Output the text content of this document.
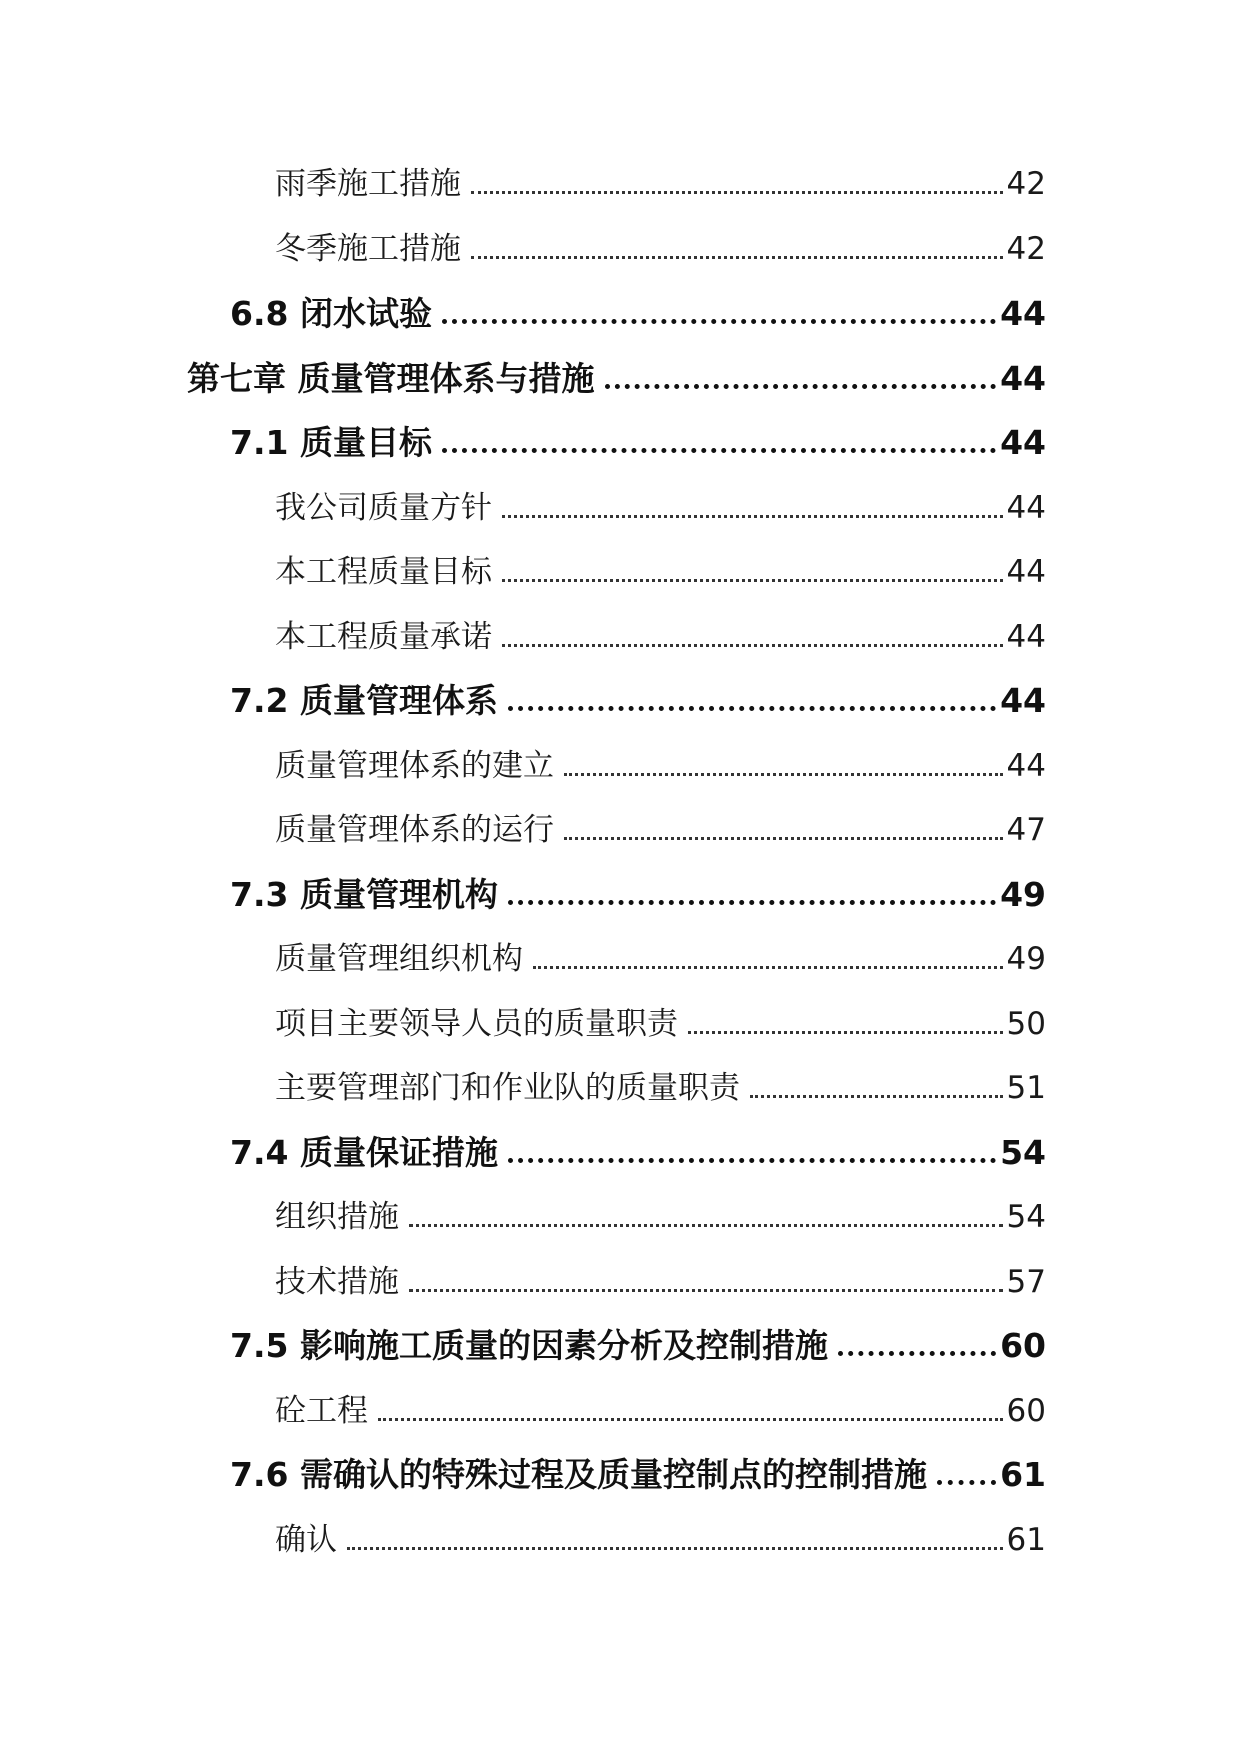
雨季施工措施	42
冬季施工措施	42
6.8 闭水试验	44
第七章 质量管理体系与措施	44
7.1 质量目标	44
我公司质量方针	44
本工程质量目标	44
本工程质量承诺	44
7.2 质量管理体系	44
质量管理体系的建立	44
质量管理体系的运行	47
7.3 质量管理机构	49
质量管理组织机构	49
项目主要领导人员的质量职责	50
主要管理部门和作业队的质量职责	51
7.4 质量保证措施	54
组织措施	54
技术措施	57
7.5 影响施工质量的因素分析及控制措施	60
砼工程	60
7.6 需确认的特殊过程及质量控制点的控制措施 61
确认	61
